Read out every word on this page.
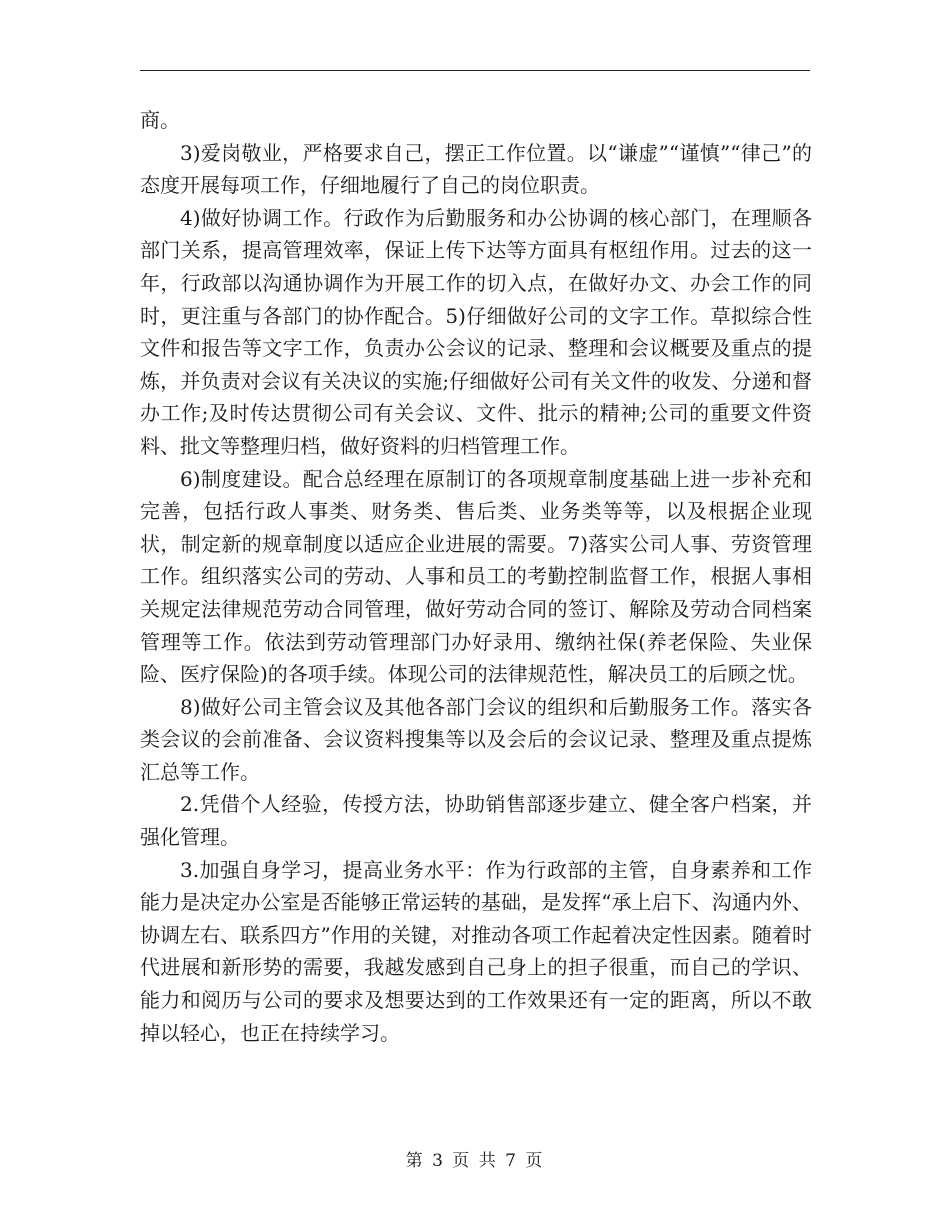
商。

3)爱岗敬业，严格要求自己，摆正工作位置。以“谦虚”“谨慎”“律己”的态度开展每项工作，仔细地履行了自己的岗位职责。

4)做好协调工作。行政作为后勤服务和办公协调的核心部门，在理顺各部门关系，提高管理效率，保证上传下达等方面具有枢纽作用。过去的这一年，行政部以沟通协调作为开展工作的切入点，在做好办文、办会工作的同时，更注重与各部门的协作配合。5)仔细做好公司的文字工作。草拟综合性文件和报告等文字工作，负责办公会议的记录、整理和会议概要及重点的提炼，并负责对会议有关决议的实施;仔细做好公司有关文件的收发、分递和督办工作;及时传达贯彻公司有关会议、文件、批示的精神;公司的重要文件资料、批文等整理归档，做好资料的归档管理工作。

6)制度建设。配合总经理在原制订的各项规章制度基础上进一步补充和完善，包括行政人事类、财务类、售后类、业务类等等，以及根据企业现状，制定新的规章制度以适应企业进展的需要。7)落实公司人事、劳资管理工作。组织落实公司的劳动、人事和员工的考勤控制监督工作，根据人事相关规定法律规范劳动合同管理，做好劳动合同的签订、解除及劳动合同档案管理等工作。依法到劳动管理部门办好录用、缴纳社保(养老保险、失业保险、医疗保险)的各项手续。体现公司的法律规范性，解决员工的后顾之忧。

8)做好公司主管会议及其他各部门会议的组织和后勤服务工作。落实各类会议的会前准备、会议资料搜集等以及会后的会议记录、整理及重点提炼汇总等工作。

2.凭借个人经验，传授方法，协助销售部逐步建立、健全客户档案，并强化管理。

3.加强自身学习，提高业务水平：作为行政部的主管，自身素养和工作能力是决定办公室是否能够正常运转的基础，是发挥“承上启下、沟通内外、协调左右、联系四方”作用的关键，对推动各项工作起着决定性因素。随着时代进展和新形势的需要，我越发感到自己身上的担子很重，而自己的学识、能力和阅历与公司的要求及想要达到的工作效果还有一定的距离，所以不敢掉以轻心，也正在持续学习。

第 3 页 共 7 页
